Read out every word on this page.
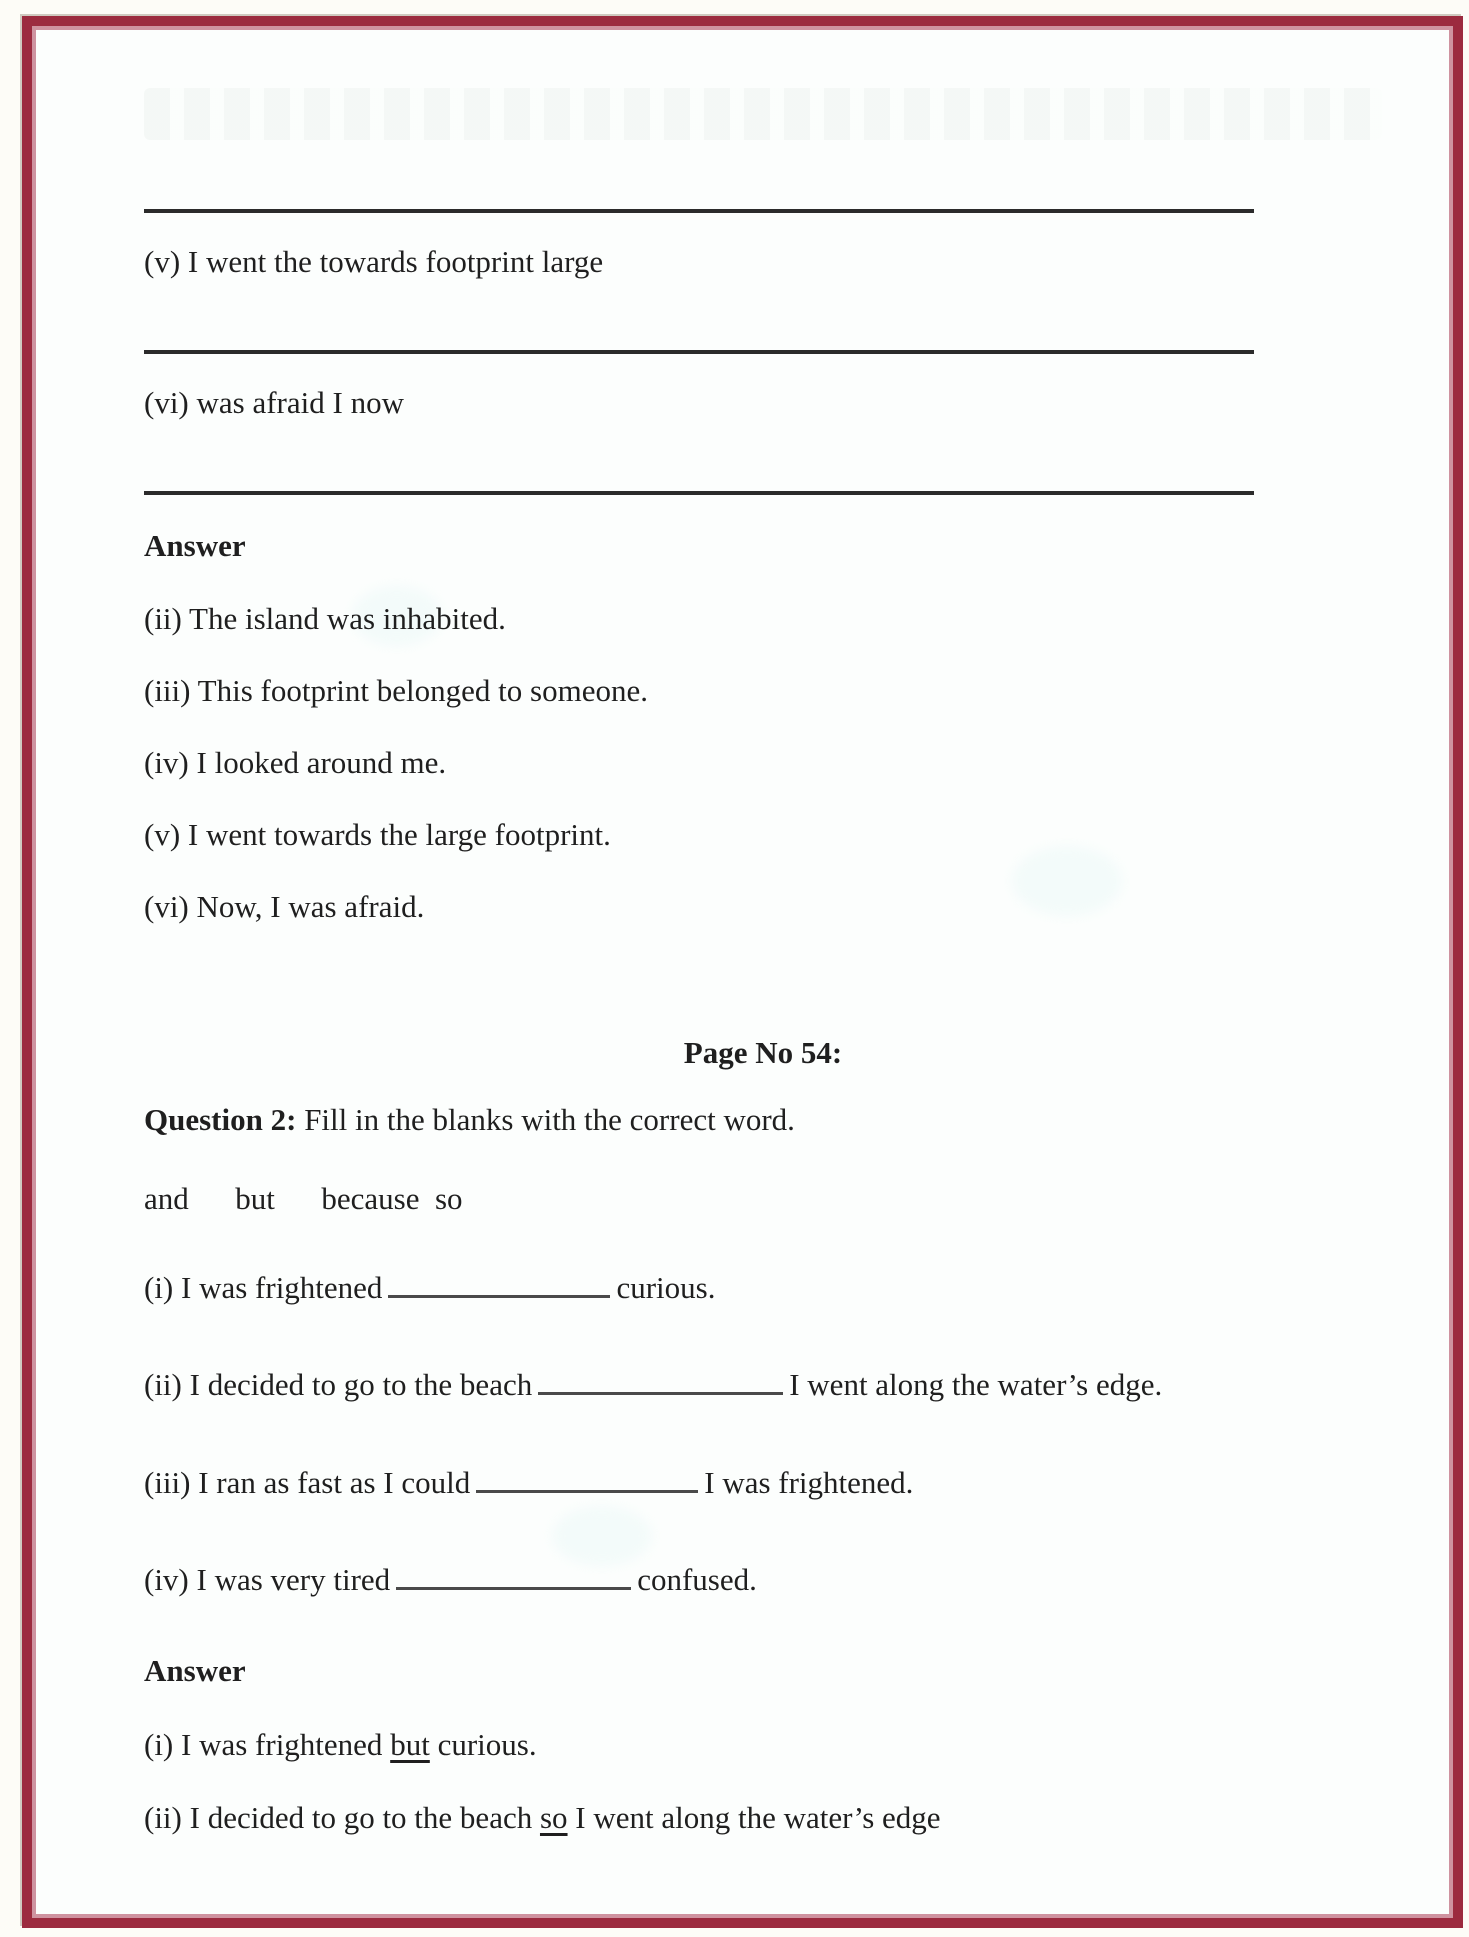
(v) I went the towards footprint large

(vi) was afraid I now

Answer

(ii) The island was inhabited.

(iii) This footprint belonged to someone.

(iv) I looked around me.

(v) I went towards the large footprint.

(vi) Now, I was afraid.

Page No 54:

Question 2: Fill in the blanks with the correct word.

and      but      because  so

(i) I was frightened	curious.

(ii) I decided to go to the beach	I went along the water’s edge.

(iii) I ran as fast as I could	I was frightened.

(iv) I was very tired	confused.

Answer

(i) I was frightened but curious.

(ii) I decided to go to the beach so I went along the water’s edge
